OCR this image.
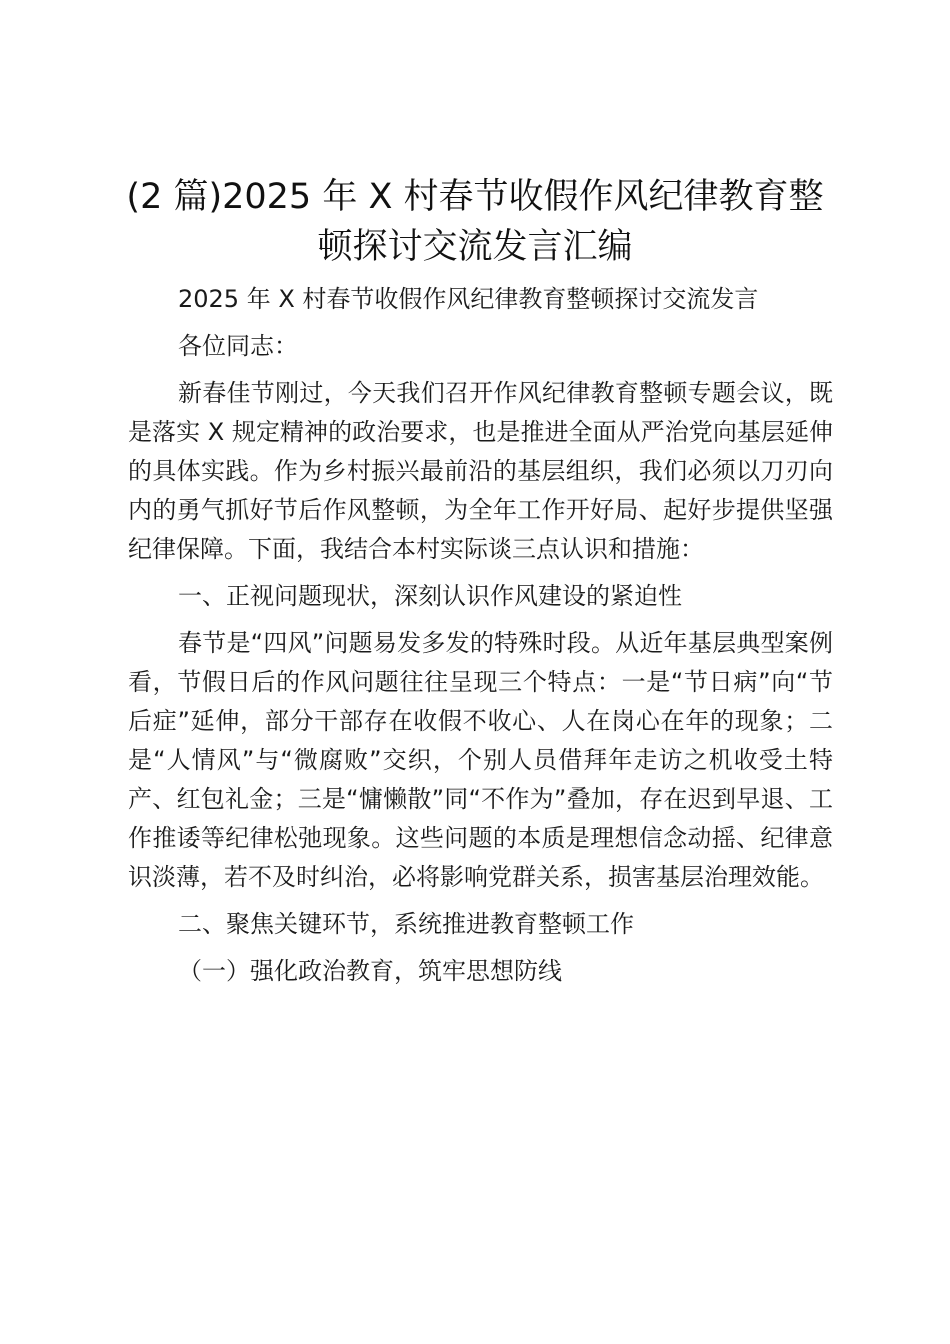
(2 篇)2025 年 X 村春节收假作风纪律教育整顿探讨交流发言汇编

2025 年 X 村春节收假作风纪律教育整顿探讨交流发言

各位同志：

新春佳节刚过，今天我们召开作风纪律教育整顿专题会议，既是落实 X 规定精神的政治要求，也是推进全面从严治党向基层延伸的具体实践。作为乡村振兴最前沿的基层组织，我们必须以刀刃向内的勇气抓好节后作风整顿，为全年工作开好局、起好步提供坚强纪律保障。下面，我结合本村实际谈三点认识和措施：

一、正视问题现状，深刻认识作风建设的紧迫性

春节是“四风”问题易发多发的特殊时段。从近年基层典型案例看，节假日后的作风问题往往呈现三个特点：一是“节日病”向“节后症”延伸，部分干部存在收假不收心、人在岗心在年的现象；二是“人情风”与“微腐败”交织，个别人员借拜年走访之机收受土特产、红包礼金；三是“慵懒散”同“不作为”叠加，存在迟到早退、工作推诿等纪律松弛现象。这些问题的本质是理想信念动摇、纪律意识淡薄，若不及时纠治，必将影响党群关系，损害基层治理效能。

二、聚焦关键环节，系统推进教育整顿工作

（一）强化政治教育，筑牢思想防线
